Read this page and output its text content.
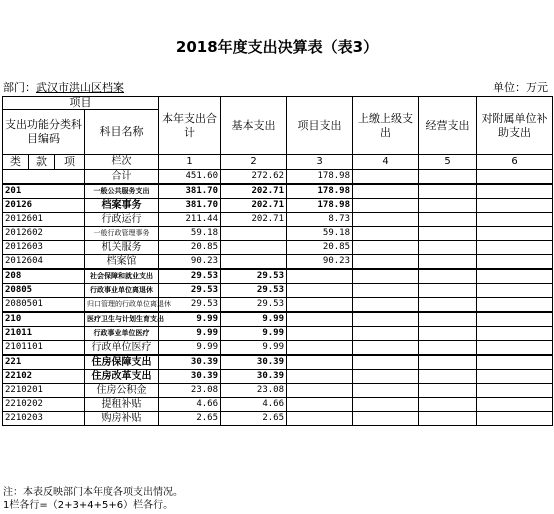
2018年度支出决算表（表3）
部门：武汉市洪山区档案	单位：万元
项目				本年支出合计	基本支出	项目支出	上缴上级支出	经营支出	对附属单位补助支出
支出功能分类科目编码			科目名称						
类	款	项							
			栏次	1	2	3	4	5	6
			合计	451.60	272.62	178.98			
201			一般公共服务支出	381.70	202.71	178.98			
20126			档案事务	381.70	202.71	178.98			
2012601			行政运行	211.44	202.71	8.73			
2012602			一般行政管理事务	59.18		59.18			
2012603			机关服务	20.85		20.85			
2012604			档案馆	90.23		90.23			
208			社会保障和就业支出	29.53	29.53				
20805			行政事业单位离退休	29.53	29.53				
2080501			归口管理的行政单位离退休	29.53	29.53				
210			医疗卫生与计划生育支出	9.99	9.99				
21011			行政事业单位医疗	9.99	9.99				
2101101			行政单位医疗	9.99	9.99				
221			住房保障支出	30.39	30.39				
22102			住房改革支出	30.39	30.39				
2210201			住房公积金	23.08	23.08				
2210202			提租补贴	4.66	4.66				
2210203			购房补贴	2.65	2.65				
注：本表反映部门本年度各项支出情况。
1栏各行=（2+3+4+5+6）栏各行。
